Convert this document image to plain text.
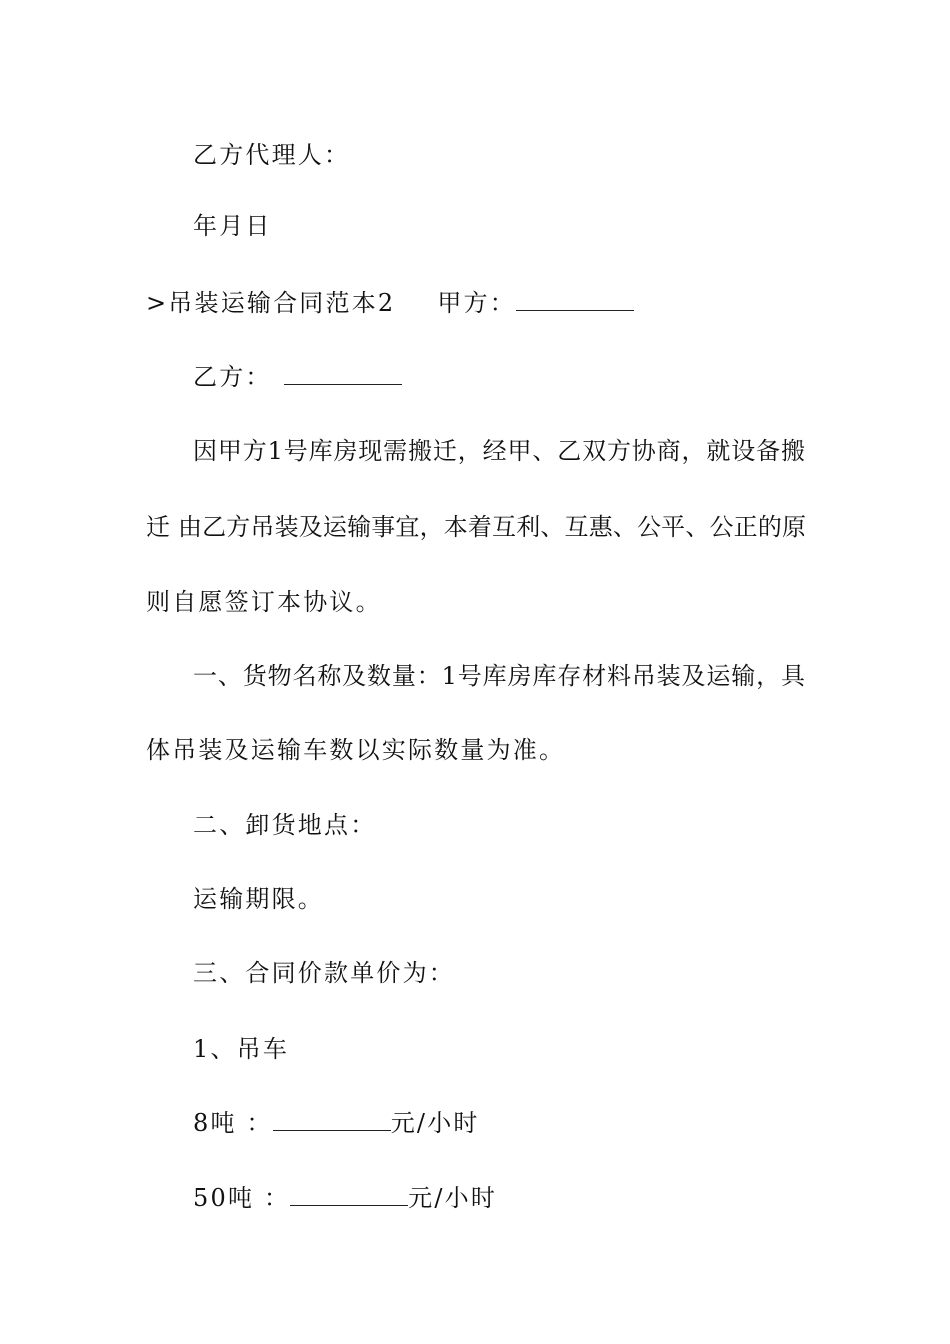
乙方代理人：
年月日
>吊装运输合同范本2 甲方：
乙方：
因甲方1号库房现需搬迁，经甲、乙双方协商，就设备搬
迁 由乙方吊装及运输事宜，本着互利、互惠、公平、公正的原
则自愿签订本协议。
一、货物名称及数量：1号库房库存材料吊装及运输，具
体吊装及运输车数以实际数量为准。
二、卸货地点：
运输期限。
三、合同价款单价为：
1、吊车
8吨 ：	元/小时
50吨 ：	元/小时
